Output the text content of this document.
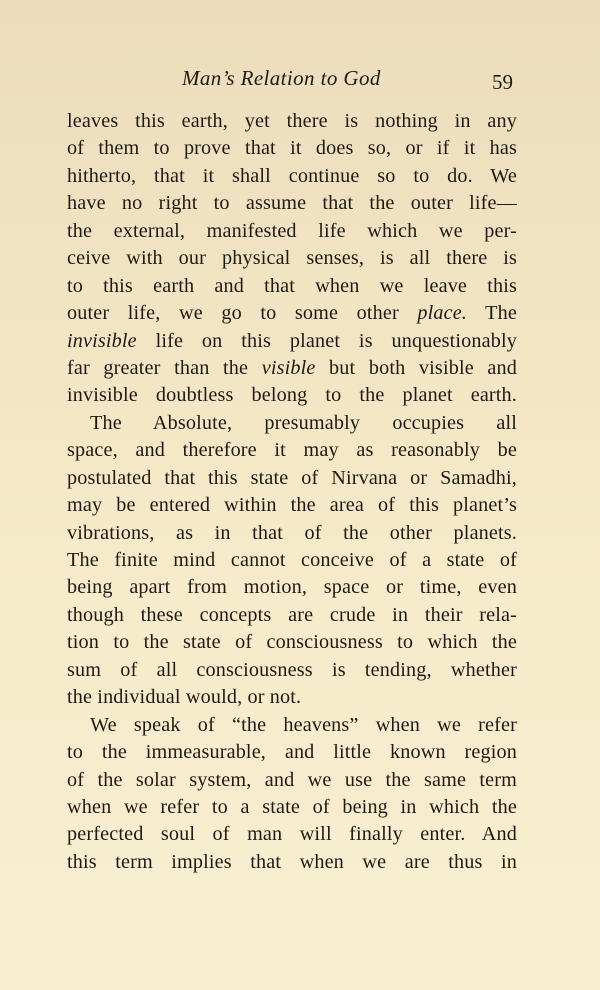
Man’s Relation to God	59
leaves this earth, yet there is nothing in any
of them to prove that it does so, or if it has
hitherto, that it shall continue so to do. We
have no right to assume that the outer life—
the external, manifested life which we per-
ceive with our physical senses, is all there is
to this earth and that when we leave this
outer life, we go to some other place. The
invisible life on this planet is unquestionably
far greater than the visible but both visible and
invisible doubtless belong to the planet earth.
The Absolute, presumably occupies all
space, and therefore it may as reasonably be
postulated that this state of Nirvana or Samadhi,
may be entered within the area of this planet’s
vibrations, as in that of the other planets.
The finite mind cannot conceive of a state of
being apart from motion, space or time, even
though these concepts are crude in their rela-
tion to the state of consciousness to which the
sum of all consciousness is tending, whether
the individual would, or not.
We speak of “the heavens” when we refer
to the immeasurable, and little known region
of the solar system, and we use the same term
when we refer to a state of being in which the
perfected soul of man will finally enter. And
this term implies that when we are thus in
